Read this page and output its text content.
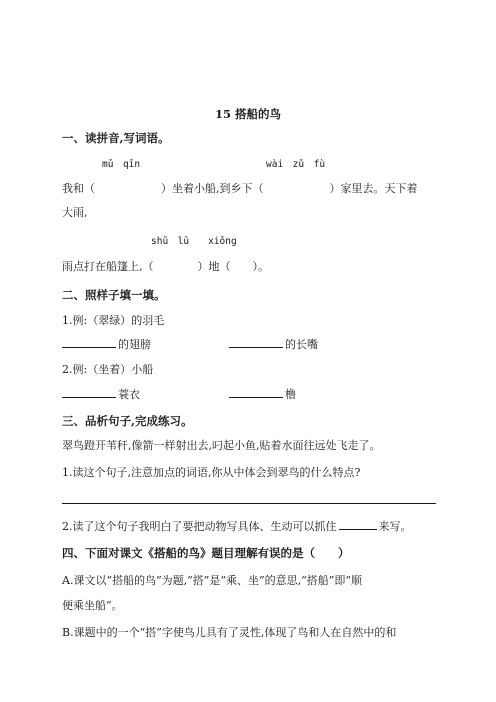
15 搭船的鸟
一、读拼音,写词语。
mǔ　qīn	wài　zǔ　fù
我和（　　　　　　）坐着小船,到乡下（　　　　　　）家里去。天下着
大雨,
shǔ　lū　　xiǒng
雨点打在船篷上,（　　　　）地（　　）。
二、照样子填一填。
1.例:（翠绿）的羽毛
的翅膀	的长嘴
2.例:（坐着）小船
蓑衣	橹
三、品析句子,完成练习。
翠鸟蹬开苇秆,像箭一样射出去,叼起小鱼,贴着水面往远处飞走了。
1.读这个句子,注意加点的词语,你从中体会到翠鸟的什么特点?
2.读了这个句子我明白了要把动物写具体、生动可以抓住	来写。
四、下面对课文《搭船的鸟》题目理解有误的是（　　）
A.课文以“搭船的鸟”为题,“搭”是“乘、坐”的意思,“搭船”即“顺
便乘坐船”。
B.课题中的一个“搭”字使鸟儿具有了灵性,体现了鸟和人在自然中的和
